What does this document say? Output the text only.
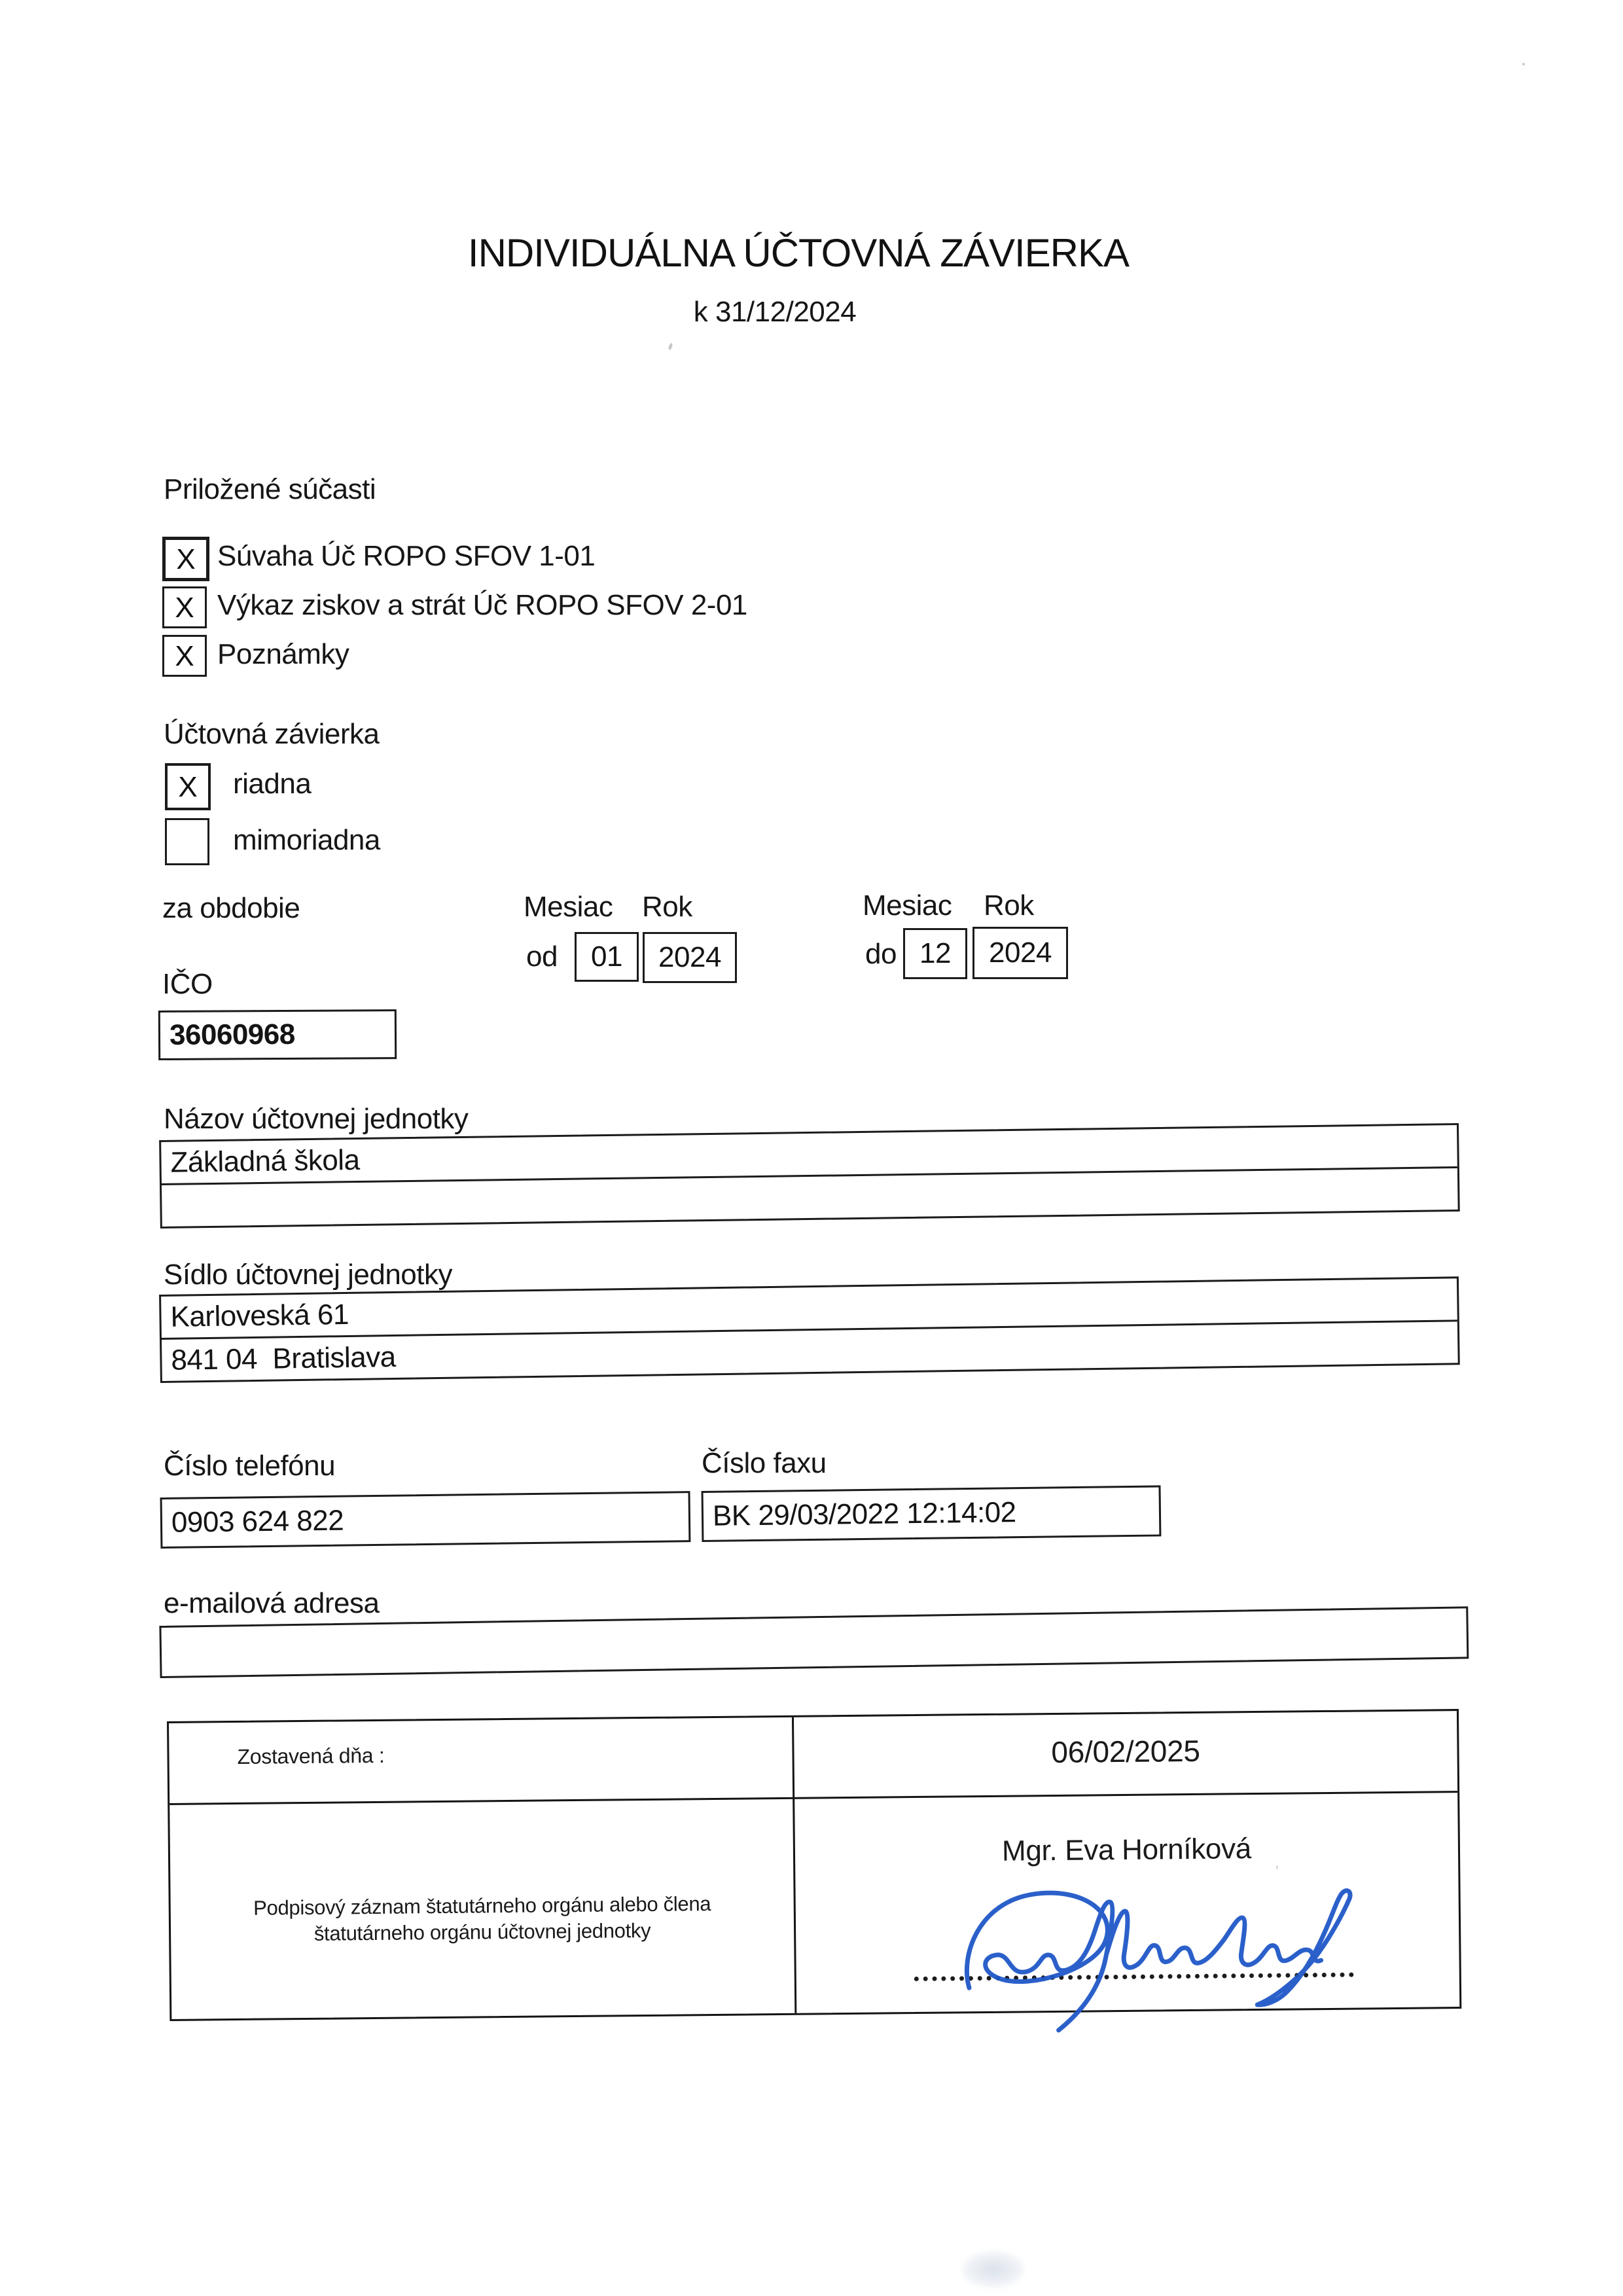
INDIVIDUÁLNA ÚČTOVNÁ ZÁVIERKA
k 31/12/2024
Priložené súčasti
X Súvaha Úč ROPO SFOV 1-01
X Výkaz ziskov a strát Úč ROPO SFOV 2-01
X Poznámky
Účtovná závierka
X riadna
mimoriadna
za obdobie	Mesiac Rok	Mesiac Rok
od 01 2024	do 12 2024
IČO
36060968
Názov účtovnej jednotky
Základná škola
Sídlo účtovnej jednotky
Karloveská 61
841 04  Bratislava
Číslo telefónu	Číslo faxu
0903 624 822	BK 29/03/2022 12:14:02
e-mailová adresa
Zostavená dňa :	06/02/2025
Podpisový záznam štatutárneho orgánu alebo člena
štatutárneho orgánu účtovnej jednotky
Mgr. Eva Horníková
